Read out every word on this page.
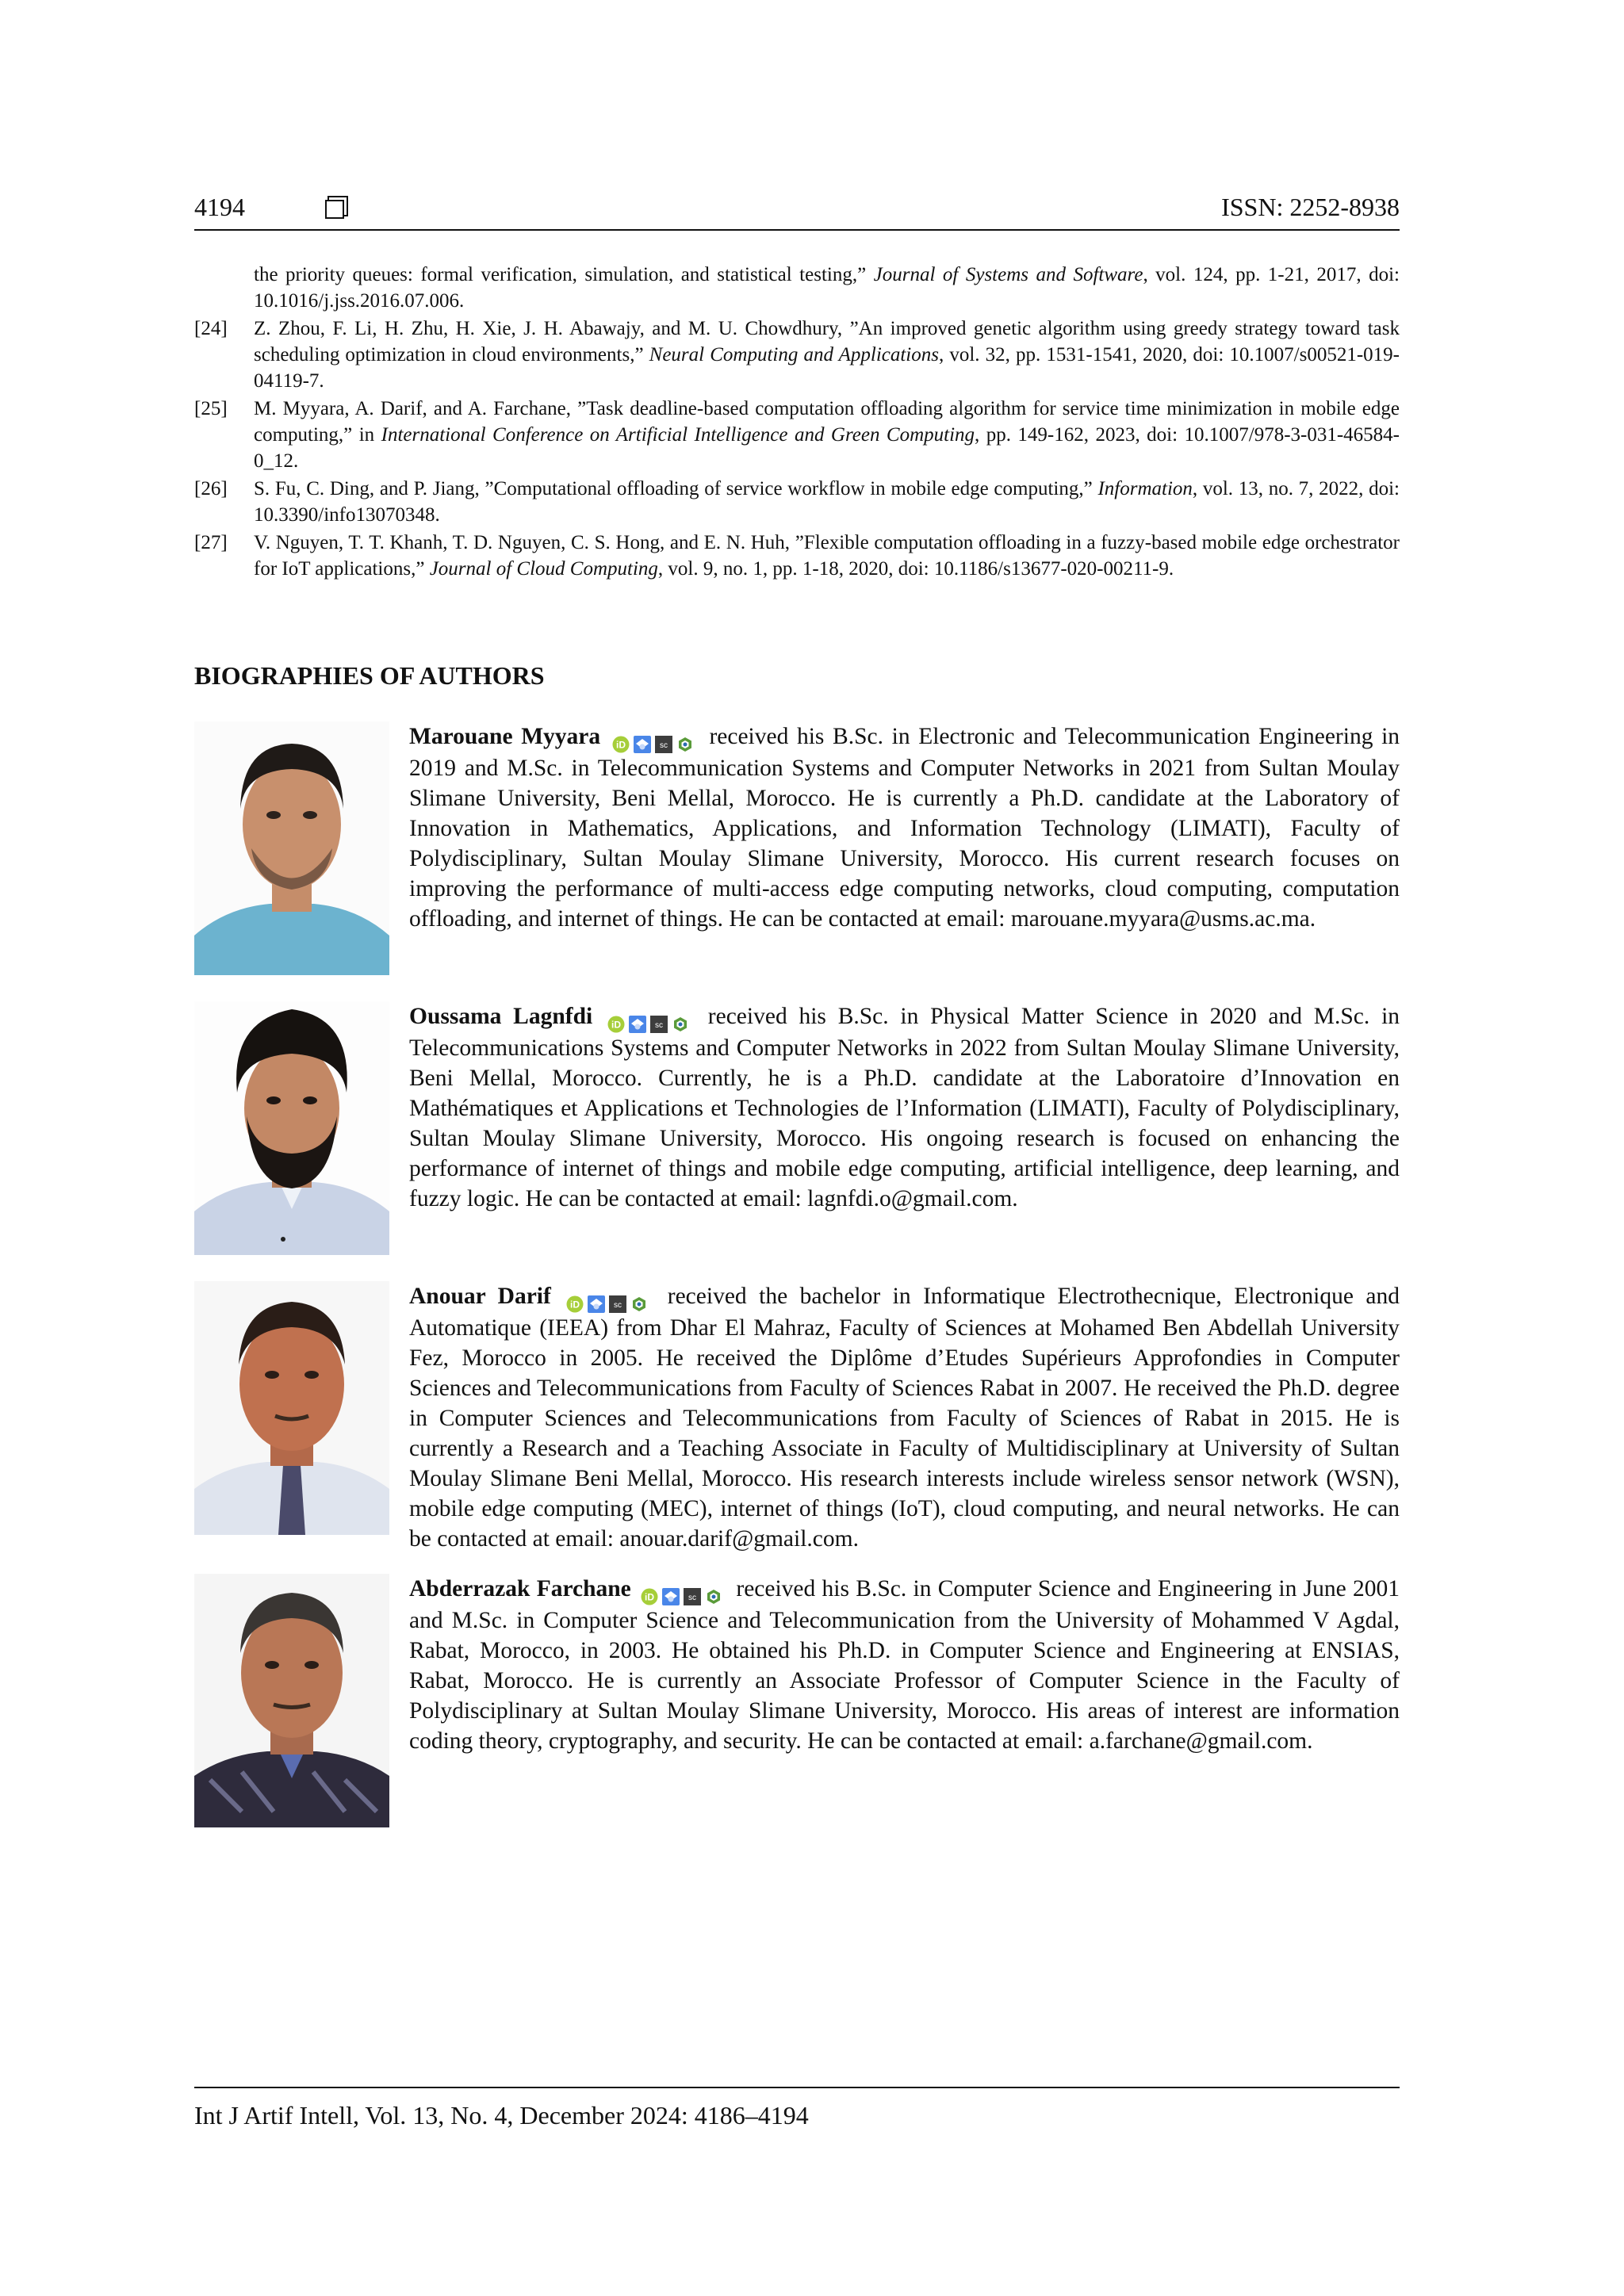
4194	ISSN: 2252-8938
the priority queues: formal verification, simulation, and statistical testing,” Journal of Systems and Software, vol. 124, pp. 1-21, 2017, doi: 10.1016/j.jss.2016.07.006.
[24] Z. Zhou, F. Li, H. Zhu, H. Xie, J. H. Abawajy, and M. U. Chowdhury, ”An improved genetic algorithm using greedy strategy toward task scheduling optimization in cloud environments,” Neural Computing and Applications, vol. 32, pp. 1531-1541, 2020, doi: 10.1007/s00521-019-04119-7.
[25] M. Myyara, A. Darif, and A. Farchane, ”Task deadline-based computation offloading algorithm for service time minimization in mobile edge computing,” in International Conference on Artificial Intelligence and Green Computing, pp. 149-162, 2023, doi: 10.1007/978-3-031-46584-0_12.
[26] S. Fu, C. Ding, and P. Jiang, ”Computational offloading of service workflow in mobile edge computing,” Information, vol. 13, no. 7, 2022, doi: 10.3390/info13070348.
[27] V. Nguyen, T. T. Khanh, T. D. Nguyen, C. S. Hong, and E. N. Huh, ”Flexible computation offloading in a fuzzy-based mobile edge orchestrator for IoT applications,” Journal of Cloud Computing, vol. 9, no. 1, pp. 1-18, 2020, doi: 10.1186/s13677-020-00211-9.
BIOGRAPHIES OF AUTHORS
Marouane Myyara iD	sc received his B.Sc. in Electronic and Telecommunication Engineering in 2019 and M.Sc. in Telecommunication Systems and Computer Networks in 2021 from Sultan Moulay Slimane University, Beni Mellal, Morocco. He is currently a Ph.D. candidate at the Laboratory of Innovation in Mathematics, Applications, and Information Technology (LIMATI), Faculty of Polydisciplinary, Sultan Moulay Slimane University, Morocco. His current research focuses on improving the performance of multi-access edge computing networks, cloud computing, computation offloading, and internet of things. He can be contacted at email: marouane.myyara@usms.ac.ma.
Oussama Lagnfdi iD	sc received his B.Sc. in Physical Matter Science in 2020 and M.Sc. in Telecommunications Systems and Computer Networks in 2022 from Sultan Moulay Slimane University, Beni Mellal, Morocco. Currently, he is a Ph.D. candidate at the Laboratoire d’Innovation en Mathématiques et Applications et Technologies de l’Information (LIMATI), Faculty of Polydisciplinary, Sultan Moulay Slimane University, Morocco. His ongoing research is focused on enhancing the performance of internet of things and mobile edge computing, artificial intelligence, deep learning, and fuzzy logic. He can be contacted at email: lagnfdi.o@gmail.com.
Anouar Darif iD	sc received the bachelor in Informatique Electrothecnique, Electronique and Automatique (IEEA) from Dhar El Mahraz, Faculty of Sciences at Mohamed Ben Abdellah University Fez, Morocco in 2005. He received the Diplôme d’Etudes Supérieurs Approfondies in Computer Sciences and Telecommunications from Faculty of Sciences Rabat in 2007. He received the Ph.D. degree in Computer Sciences and Telecommunications from Faculty of Sciences of Rabat in 2015. He is currently a Research and a Teaching Associate in Faculty of Multidisciplinary at University of Sultan Moulay Slimane Beni Mellal, Morocco. His research interests include wireless sensor network (WSN), mobile edge computing (MEC), internet of things (IoT), cloud computing, and neural networks. He can be contacted at email: anouar.darif@gmail.com.
Abderrazak Farchane iD	sc received his B.Sc. in Computer Science and Engineering in June 2001 and M.Sc. in Computer Science and Telecommunication from the University of Mohammed V Agdal, Rabat, Morocco, in 2003. He obtained his Ph.D. in Computer Science and Engineering at ENSIAS, Rabat, Morocco. He is currently an Associate Professor of Computer Science in the Faculty of Polydisciplinary at Sultan Moulay Slimane University, Morocco. His areas of interest are information coding theory, cryptography, and security. He can be contacted at email: a.farchane@gmail.com.
Int J Artif Intell, Vol. 13, No. 4, December 2024: 4186–4194
